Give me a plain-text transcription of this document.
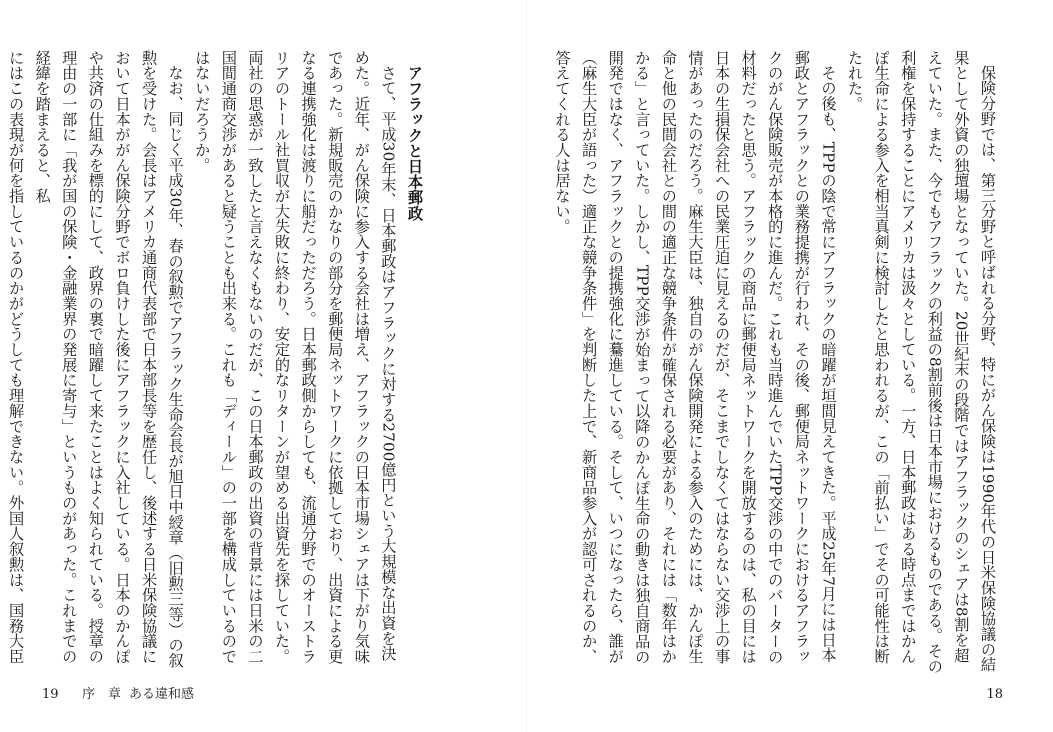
アフラックと日本郵政

さて、平成30年末、日本郵政はアフラックに対する2700億円という大規模な出資を決めた。近年、がん保険に参入する会社は増え、アフラックの日本市場シェアは下がり気味であった。新規販売のかなりの部分を郵便局ネットワークに依拠しており、出資による更なる連携強化は渡りに船だっただろう。日本郵政側からしても、流通分野でのオーストラリアのトール社買収が大失敗に終わり、安定的なリターンが望める出資先を探していた。両社の思惑が一致したと言えなくもないのだが、この日本郵政の出資の背景には日米の二国間通商交渉があると疑うことも出来る。これも「ディール」の一部を構成しているのではないだろうか。

なお、同じく平成30年、春の叙勲でアフラック生命会長が旭日中綬章（旧勲三等）の叙勲を受けた。会長はアメリカ通商代表部で日本部長等を歴任し、後述する日米保険協議において日本ががん保険分野でボロ負けした後にアフラックに入社している。日本のかんぽや共済の仕組みを標的にして、政界の裏で暗躍して来たことはよく知られている。授章の理由の一部に「我が国の保険・金融業界の発展に寄与」というものがあった。これまでの経緯を踏まえると、私

にはこの表現が何を指しているのかがどうしても理解できない。外国人叙勲は、国務大臣

19 序　章 ある違和感

保険分野では、第三分野と呼ばれる分野、特にがん保険は1990年代の日米保険協議の結果として外資の独壇場となっていた。20世紀末の段階ではアフラックのシェアは8割を超えていた。また、今でもアフラックの利益の8割前後は日本市場におけるものである。その利権を保持することにアメリカは汲々としている。一方、日本郵政はある時点まではかんぽ生命による参入を相当真剣に検討したと思われるが、この「前払い」でその可能性は断たれた。

その後も、TPPの陰で常にアフラックの暗躍が垣間見えてきた。平成25年7月には日本郵政とアフラックとの業務提携が行われ、その後、郵便局ネットワークにおけるアフラックのがん保険販売が本格的に進んだ。これも当時進んでいたTPP交渉の中でのバーターの材料だったと思う。アフラックの商品に郵便局ネットワークを開放するのは、私の目には日本の生損保会社への民業圧迫に見えるのだが、そこまでしなくてはならない交渉上の事情があったのだろう。麻生大臣は、独自のがん保険開発による参入のためには、かんぽ生命と他の民間会社との間の適正な競争条件が確保される必要があり、それには「数年はかかる」と言っていた。しかし、TPP交渉が始まって以降のかんぽ生命の動きは独自商品の開発ではなく、アフラックとの提携強化に驀進している。そして、いつになったら、誰が（麻生大臣が語った）適正な競争条件」を判断した上で、新商品参入が認可されるのか、答えてくれる人は居ない。

18
